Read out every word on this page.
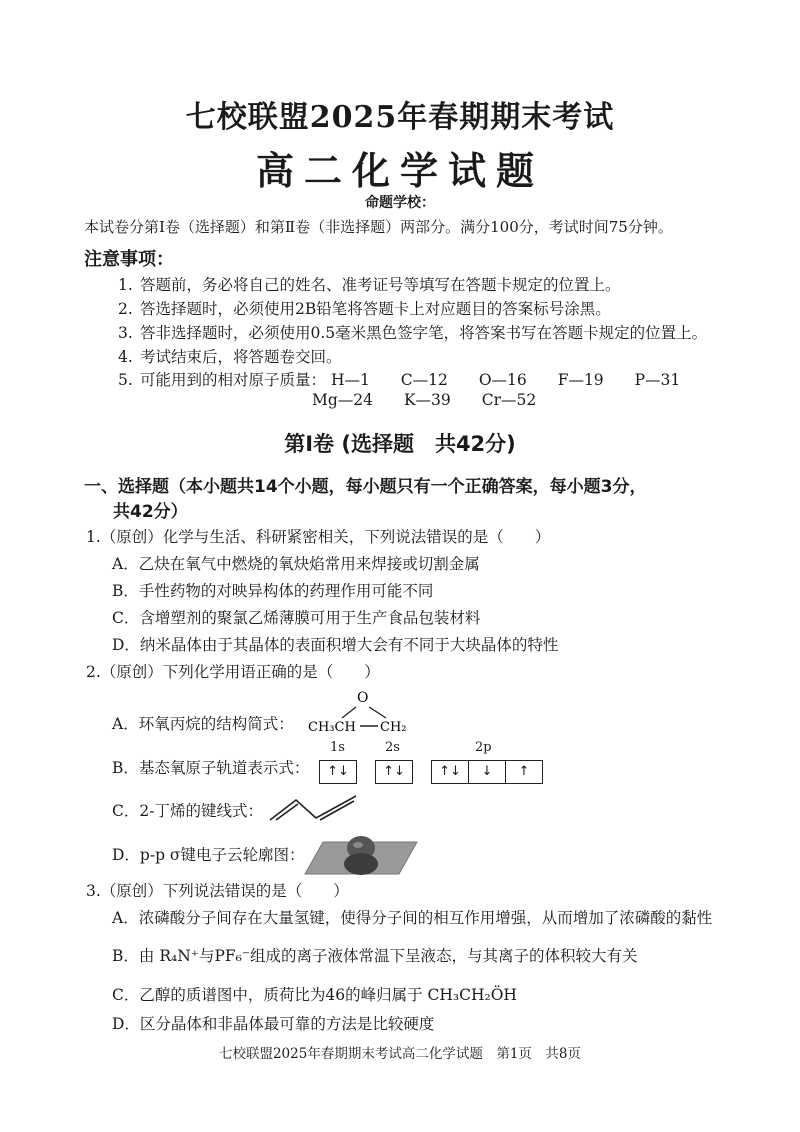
七校联盟2025年春期期末考试
高二化学试题
命题学校：
本试卷分第Ⅰ卷（选择题）和第Ⅱ卷（非选择题）两部分。满分100分，考试时间75分钟。
注意事项：
1. 答题前，务必将自己的姓名、准考证号等填写在答题卡规定的位置上。
2. 答选择题时，必须使用2B铅笔将答题卡上对应题目的答案标号涂黑。
3. 答非选择题时，必须使用0.5毫米黑色签字笔，将答案书写在答题卡规定的位置上。
4. 考试结束后，将答题卷交回。
5. 可能用到的相对原子质量： H—1 C—12 O—16 F—19 P—31
Mg—24 K—39 Cr—52
第Ⅰ卷 (选择题　共42分)
一、选择题（本小题共14个小题，每小题只有一个正确答案，每小题3分，
共42分）
1.（原创）化学与生活、科研紧密相关，下列说法错误的是（　　）
A．乙炔在氧气中燃烧的氧炔焰常用来焊接或切割金属
B．手性药物的对映异构体的药理作用可能不同
C．含增塑剂的聚氯乙烯薄膜可用于生产食品包装材料
D．纳米晶体由于其晶体的表面积增大会有不同于大块晶体的特性
2.（原创）下列化学用语正确的是（　　）
A．环氧丙烷的结构简式：
O
CH₃CH CH₂
B．基态氧原子轨道表示式：
1s	2s	2p
↑↓	↑↓	↑↓	↓	↑
C．2-丁烯的键线式：
D．p-p σ键电子云轮廓图：
3.（原创）下列说法错误的是（　　）
A．浓磷酸分子间存在大量氢键，使得分子间的相互作用增强，从而增加了浓磷酸的黏性
B．由 R₄N⁺与PF₆⁻组成的离子液体常温下呈液态，与其离子的体积较大有关
C．乙醇的质谱图中，质荷比为46的峰归属于 CH₃CH₂ÖH
D．区分晶体和非晶体最可靠的方法是比较硬度
七校联盟2025年春期期末考试高二化学试题　第1页　共8页
